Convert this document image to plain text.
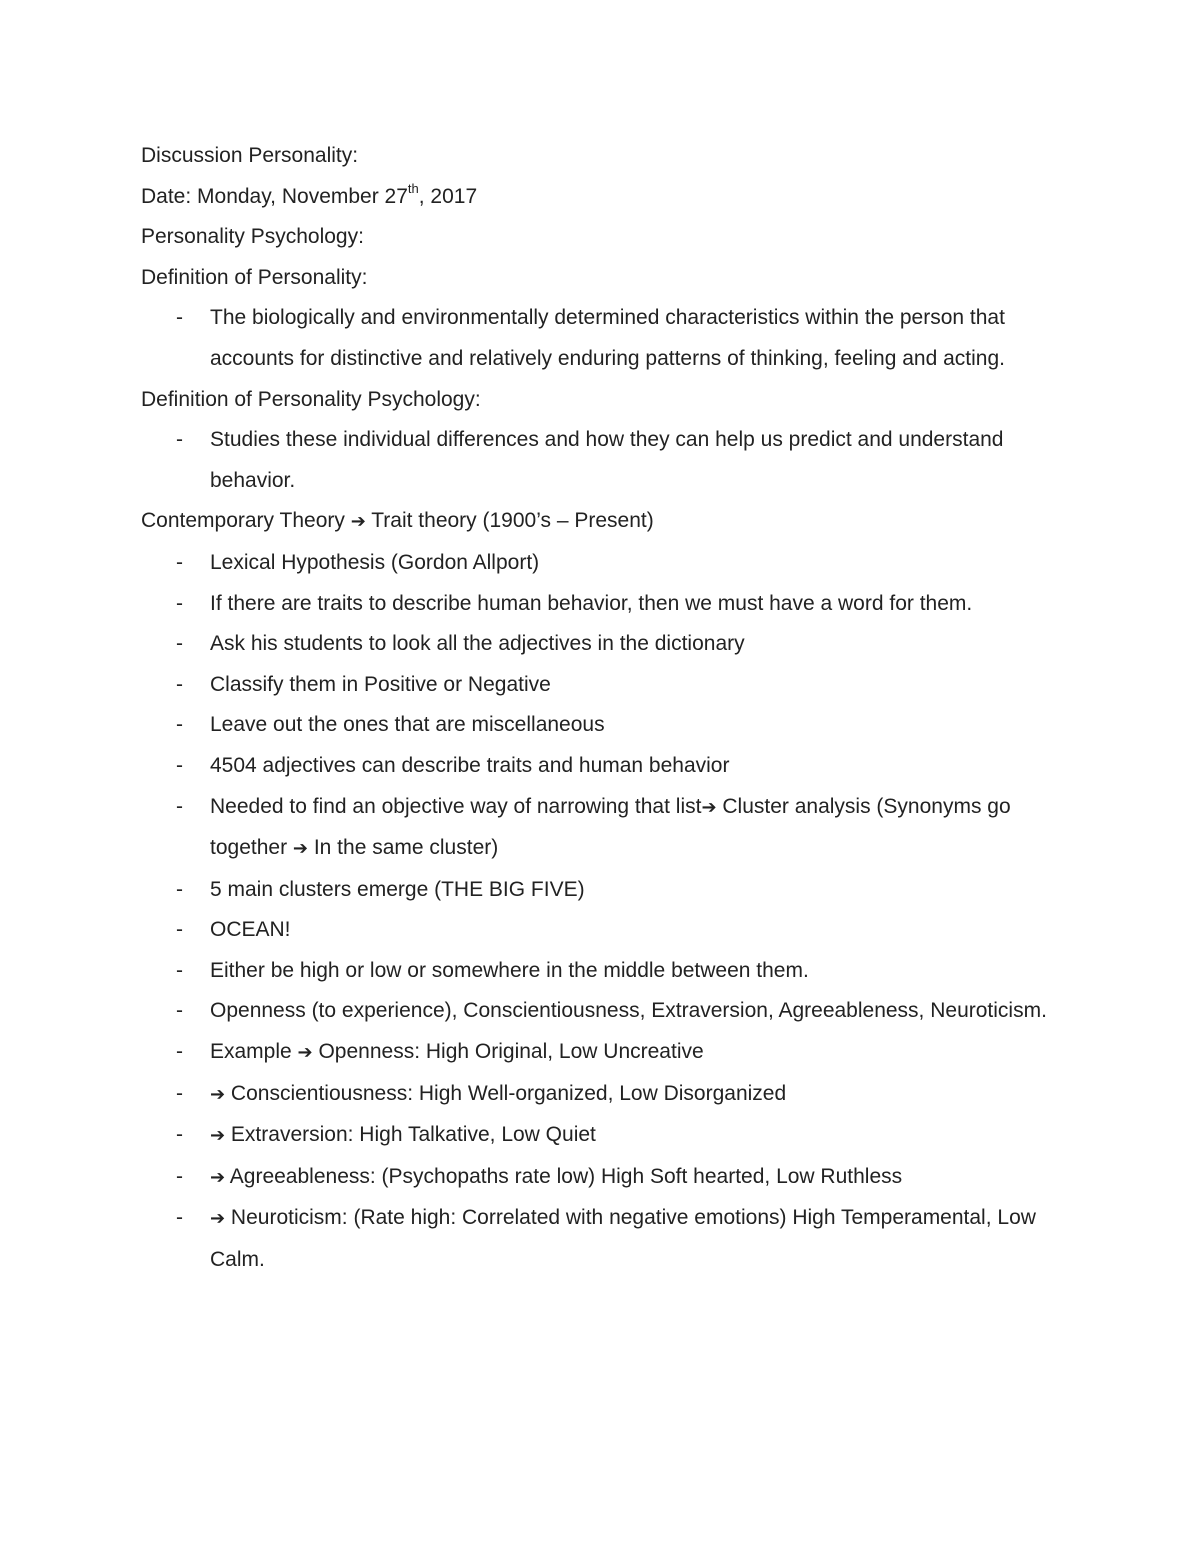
Discussion Personality:
Date: Monday, November 27th, 2017
Personality Psychology:
Definition of Personality:
-	The biologically and environmentally determined characteristics within the person that accounts for distinctive and relatively enduring patterns of thinking, feeling and acting.
Definition of Personality Psychology:
-	Studies these individual differences and how they can help us predict and understand behavior.
Contemporary Theory ➔ Trait theory (1900’s – Present)
-	Lexical Hypothesis (Gordon Allport)
-	If there are traits to describe human behavior, then we must have a word for them.
-	Ask his students to look all the adjectives in the dictionary
-	Classify them in Positive or Negative
-	Leave out the ones that are miscellaneous
-	4504 adjectives can describe traits and human behavior
-	Needed to find an objective way of narrowing that list➔ Cluster analysis (Synonyms go together ➔ In the same cluster)
-	5 main clusters emerge (THE BIG FIVE)
-	OCEAN!
-	Either be high or low or somewhere in the middle between them.
-	Openness (to experience), Conscientiousness, Extraversion, Agreeableness, Neuroticism.
-	Example ➔ Openness: High Original, Low Uncreative
-	➔ Conscientiousness: High Well-organized, Low Disorganized
-	➔ Extraversion: High Talkative, Low Quiet
-	➔ Agreeableness: (Psychopaths rate low) High Soft hearted, Low Ruthless
-	➔ Neuroticism: (Rate high: Correlated with negative emotions) High Temperamental, Low Calm.
